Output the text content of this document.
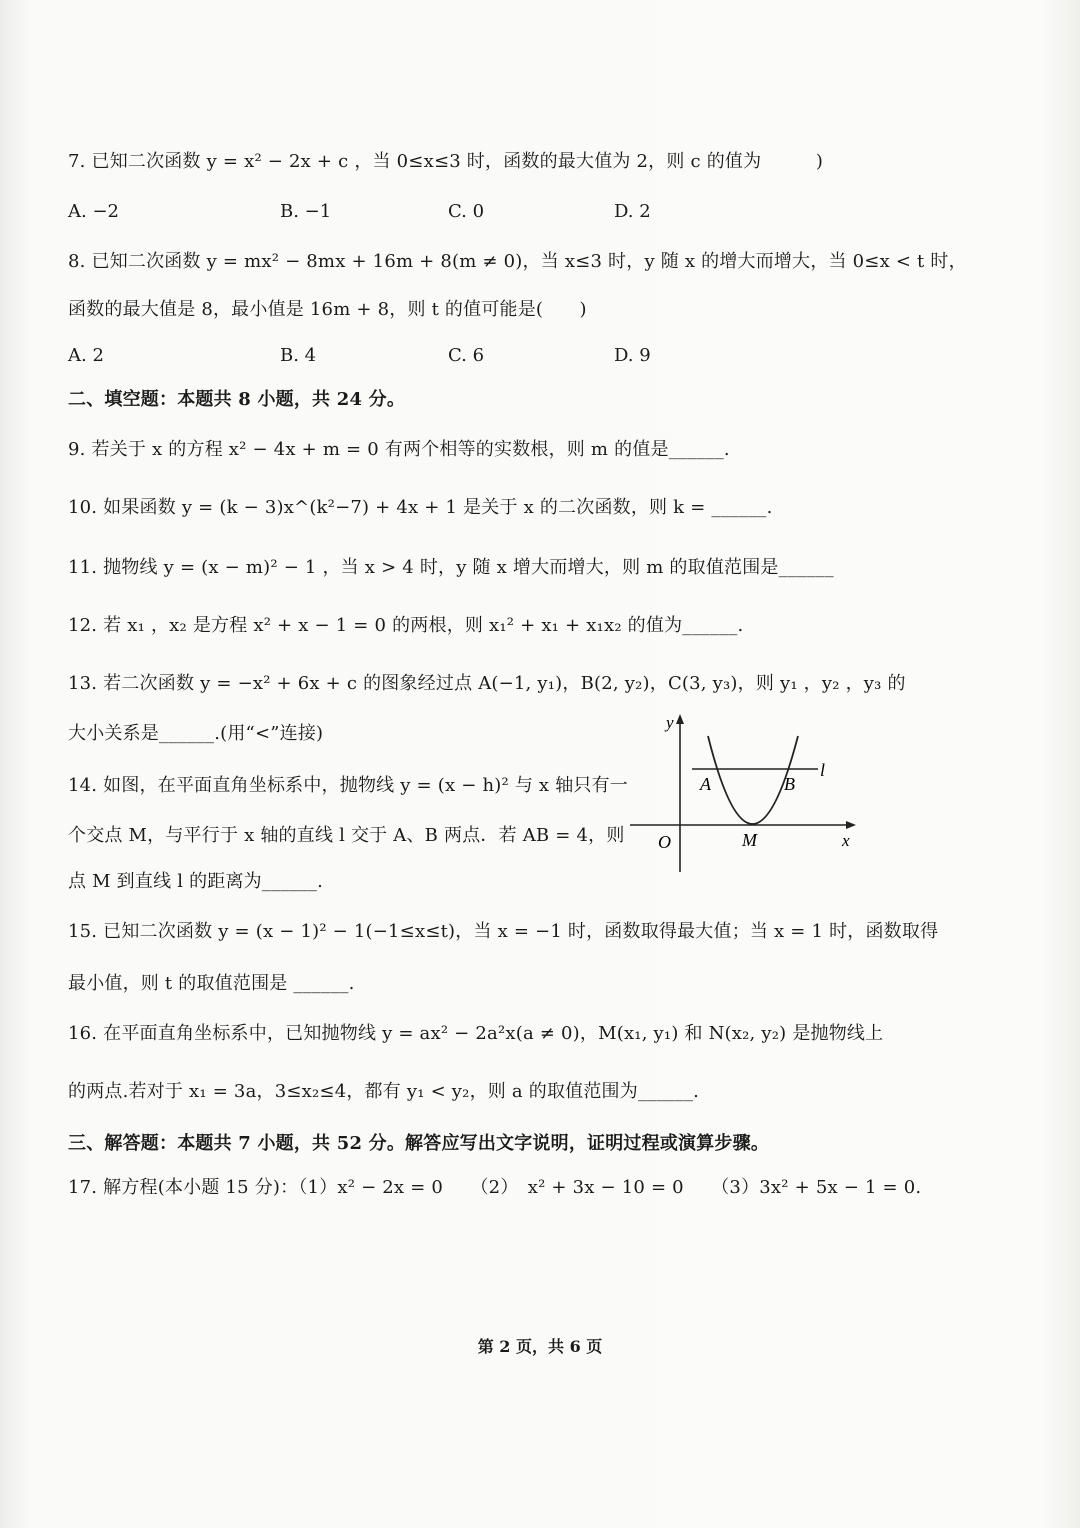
7. 已知二次函数 y = x² − 2x + c ，当 0≤x≤3 时，函数的最大值为 2，则 c 的值为　　　)
A. −2	B. −1	C. 0	D. 2
8. 已知二次函数 y = mx² − 8mx + 16m + 8(m ≠ 0)，当 x≤3 时，y 随 x 的增大而增大，当 0≤x < t 时，
函数的最大值是 8，最小值是 16m + 8，则 t 的值可能是(　　)
A. 2	B. 4	C. 6	D. 9
二、填空题：本题共 8 小题，共 24 分。
9. 若关于 x 的方程 x² − 4x + m = 0 有两个相等的实数根，则 m 的值是______.
10. 如果函数 y = (k − 3)x^(k²−7) + 4x + 1 是关于 x 的二次函数，则 k = ______.
11. 抛物线 y = (x − m)² − 1 ，当 x > 4 时，y 随 x 增大而增大，则 m 的取值范围是______
12. 若 x₁ ，x₂ 是方程 x² + x − 1 = 0 的两根，则 x₁² + x₁ + x₁x₂ 的值为______.
13. 若二次函数 y = −x² + 6x + c 的图象经过点 A(−1, y₁)，B(2, y₂)，C(3, y₃)，则 y₁ ，y₂ ，y₃ 的
大小关系是______.(用“<”连接)
14. 如图，在平面直角坐标系中，抛物线 y = (x − h)² 与 x 轴只有一
个交点 M，与平行于 x 轴的直线 l 交于 A、B 两点．若 AB = 4，则
点 M 到直线 l 的距离为______.
y
x
O
A	B
M
l
15. 已知二次函数 y = (x − 1)² − 1(−1≤x≤t)，当 x = −1 时，函数取得最大值；当 x = 1 时，函数取得
最小值，则 t 的取值范围是 ______.
16. 在平面直角坐标系中，已知抛物线 y = ax² − 2a²x(a ≠ 0)，M(x₁, y₁) 和 N(x₂, y₂) 是抛物线上
的两点.若对于 x₁ = 3a，3≤x₂≤4，都有 y₁ < y₂，则 a 的取值范围为______.
三、解答题：本题共 7 小题，共 52 分。解答应写出文字说明，证明过程或演算步骤。
17. 解方程(本小题 15 分)：（1）x² − 2x = 0　　（2）　x² + 3x − 10 = 0　　（3）3x² + 5x − 1 = 0.
第 2 页，共 6 页
